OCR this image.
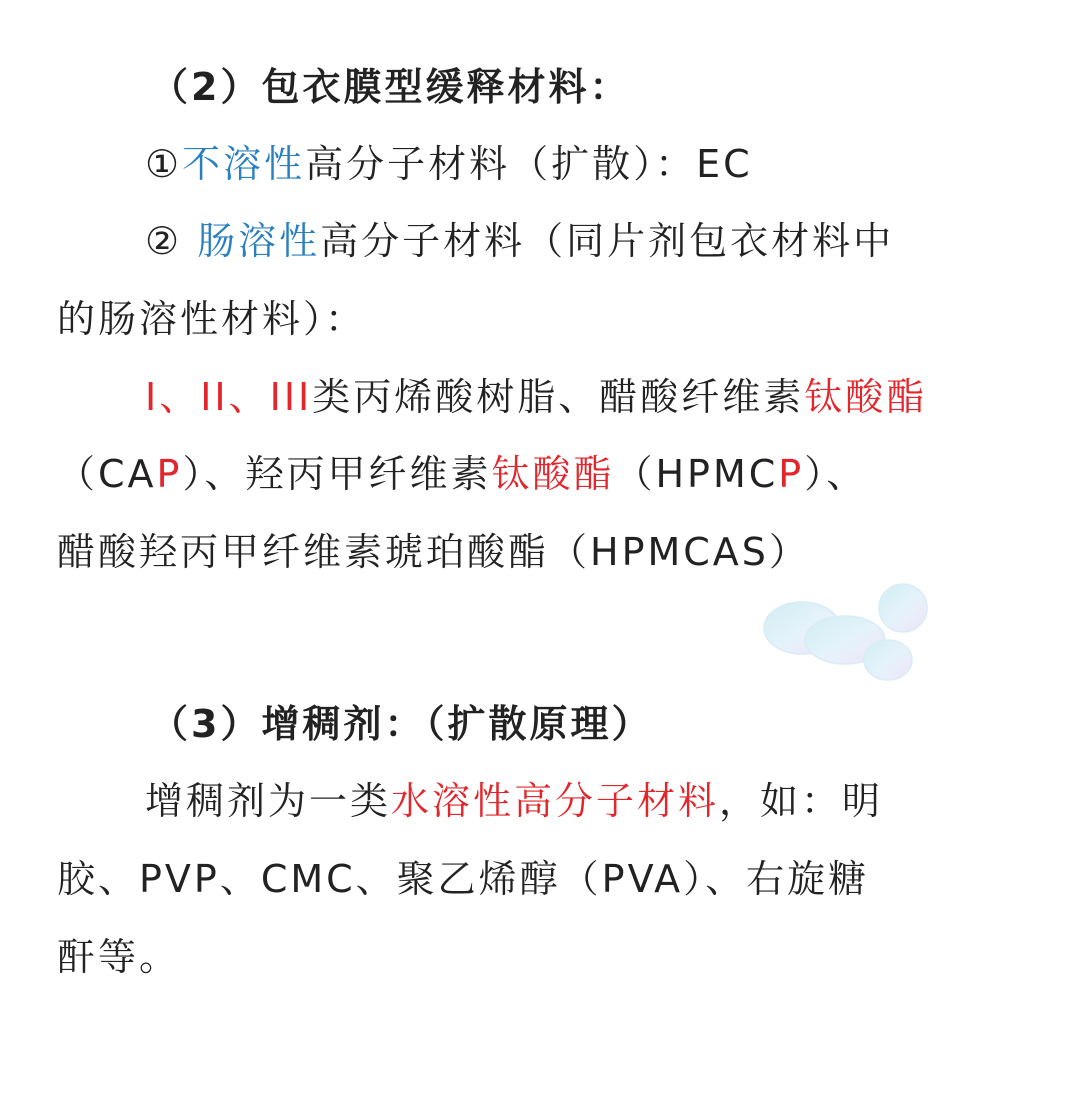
（2）包衣膜型缓释材料：
①不溶性高分子材料（扩散）：EC
② 肠溶性高分子材料（同片剂包衣材料中
的肠溶性材料）：
I、II、III类丙烯酸树脂、醋酸纤维素钛酸酯
（CAP）、羟丙甲纤维素钛酸酯（HPMCP）、
醋酸羟丙甲纤维素琥珀酸酯（HPMCAS）
（3）增稠剂：（扩散原理）
增稠剂为一类水溶性高分子材料，如：明
胶、PVP、CMC、聚乙烯醇（PVA）、右旋糖
酐等。
